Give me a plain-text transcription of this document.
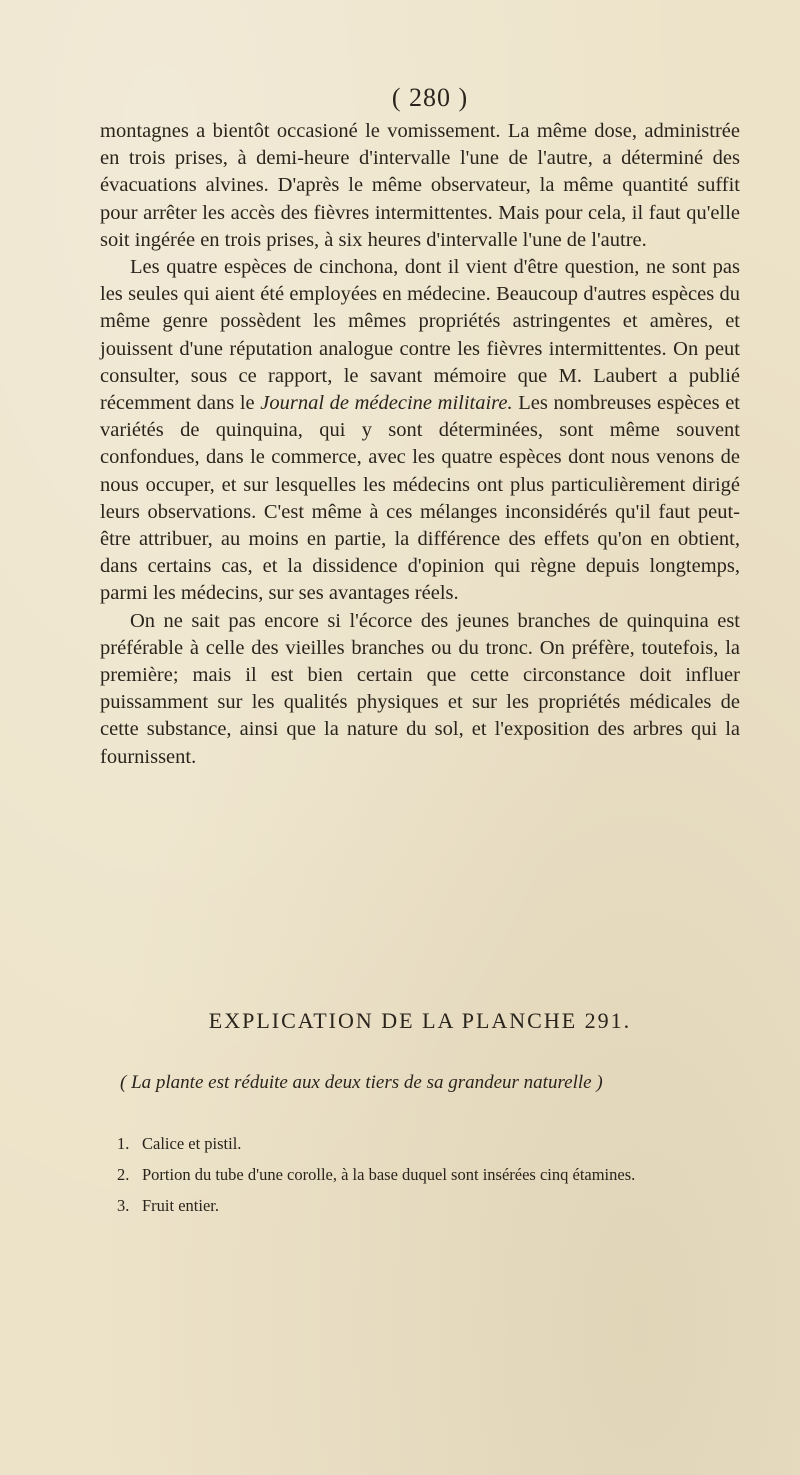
( 280 )

montagnes a bientôt occasioné le vomissement. La même dose, administrée en trois prises, à demi-heure d'intervalle l'une de l'autre, a déterminé des évacuations alvines. D'après le même observateur, la même quantité suffit pour arrêter les accès des fièvres intermittentes. Mais pour cela, il faut qu'elle soit ingérée en trois prises, à six heures d'intervalle l'une de l'autre.

Les quatre espèces de cinchona, dont il vient d'être question, ne sont pas les seules qui aient été employées en médecine. Beaucoup d'autres espèces du même genre possèdent les mêmes propriétés astringentes et amères, et jouissent d'une réputation analogue contre les fièvres intermittentes. On peut consulter, sous ce rapport, le savant mémoire que M. Laubert a publié récemment dans le Journal de médecine militaire. Les nombreuses espèces et variétés de quinquina, qui y sont déterminées, sont même souvent confondues, dans le commerce, avec les quatre espèces dont nous venons de nous occuper, et sur lesquelles les médecins ont plus particulièrement dirigé leurs observations. C'est même à ces mélanges inconsidérés qu'il faut peut-être attribuer, au moins en partie, la différence des effets qu'on en obtient, dans certains cas, et la dissidence d'opinion qui règne depuis longtemps, parmi les médecins, sur ses avantages réels.

On ne sait pas encore si l'écorce des jeunes branches de quinquina est préférable à celle des vieilles branches ou du tronc. On préfère, toutefois, la première; mais il est bien certain que cette circonstance doit influer puissamment sur les qualités physiques et sur les propriétés médicales de cette substance, ainsi que la nature du sol, et l'exposition des arbres qui la fournissent.

EXPLICATION DE LA PLANCHE 291.
( La plante est réduite aux deux tiers de sa grandeur naturelle )
1. Calice et pistil.
2. Portion du tube d'une corolle, à la base duquel sont insérées cinq étamines.
3. Fruit entier.
